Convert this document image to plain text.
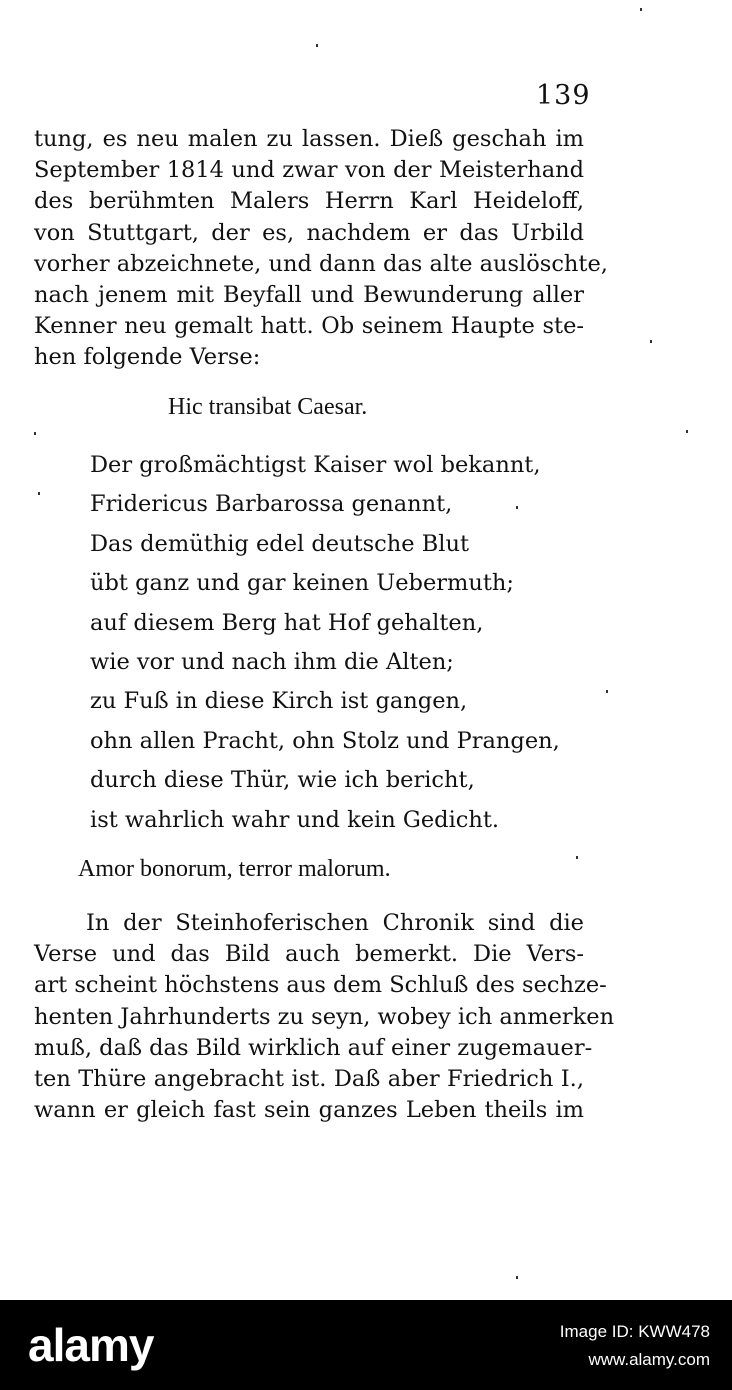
139
tung, es neu malen zu lassen. Dieß geschah im
September 1814 und zwar von der Meisterhand
des berühmten Malers Herrn Karl Heideloff,
von Stuttgart, der es, nachdem er das Urbild
vorher abzeichnete, und dann das alte auslöschte,
nach jenem mit Beyfall und Bewunderung aller
Kenner neu gemalt hatt. Ob seinem Haupte ste-
hen folgende Verse:
Hic transibat Caesar.
Der großmächtigst Kaiser wol bekannt,
Fridericus Barbarossa genannt,
Das demüthig edel deutsche Blut
übt ganz und gar keinen Uebermuth;
auf diesem Berg hat Hof gehalten,
wie vor und nach ihm die Alten;
zu Fuß in diese Kirch ist gangen,
ohn allen Pracht, ohn Stolz und Prangen,
durch diese Thür, wie ich bericht,
ist wahrlich wahr und kein Gedicht.
Amor bonorum, terror malorum.
In der Steinhoferischen Chronik sind die
Verse und das Bild auch bemerkt. Die Vers-
art scheint höchstens aus dem Schluß des sechze-
henten Jahrhunderts zu seyn, wobey ich anmerken
muß, daß das Bild wirklich auf einer zugemauer-
ten Thüre angebracht ist. Daß aber Friedrich I.,
wann er gleich fast sein ganzes Leben theils im
alamy	Image ID: KWW478
www.alamy.com
